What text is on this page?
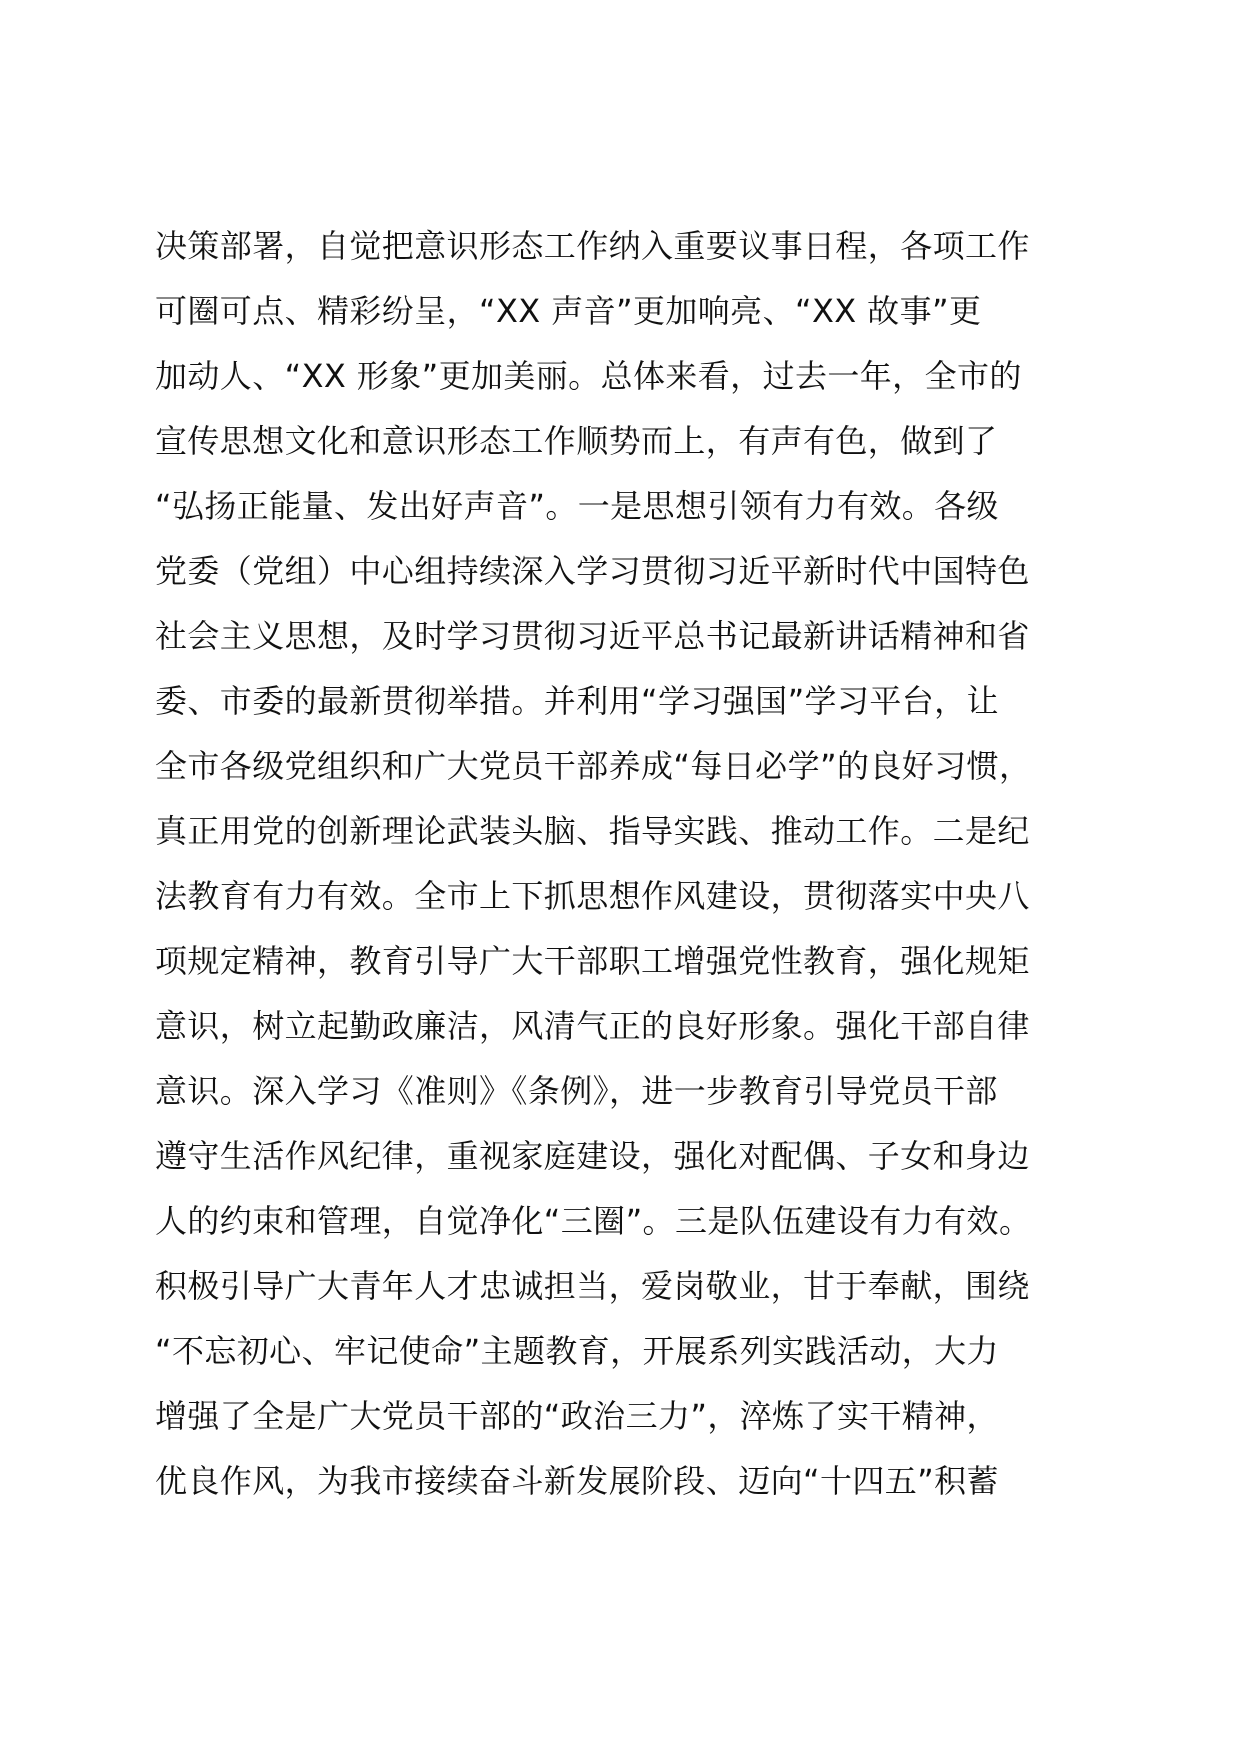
决策部署，自觉把意识形态工作纳入重要议事日程，各项工作
可圈可点、精彩纷呈，“XX 声音”更加响亮、“XX 故事”更
加动人、“XX 形象”更加美丽。总体来看，过去一年，全市的
宣传思想文化和意识形态工作顺势而上，有声有色，做到了
“弘扬正能量、发出好声音”。一是思想引领有力有效。各级
党委（党组）中心组持续深入学习贯彻习近平新时代中国特色
社会主义思想，及时学习贯彻习近平总书记最新讲话精神和省
委、市委的最新贯彻举措。并利用“学习强国”学习平台，让
全市各级党组织和广大党员干部养成“每日必学”的良好习惯，
真正用党的创新理论武装头脑、指导实践、推动工作。二是纪
法教育有力有效。全市上下抓思想作风建设，贯彻落实中央八
项规定精神，教育引导广大干部职工增强党性教育，强化规矩
意识，树立起勤政廉洁，风清气正的良好形象。强化干部自律
意识。深入学习《准则》《条例》，进一步教育引导党员干部
遵守生活作风纪律，重视家庭建设，强化对配偶、子女和身边
人的约束和管理，自觉净化“三圈”。三是队伍建设有力有效。
积极引导广大青年人才忠诚担当，爱岗敬业，甘于奉献，围绕
“不忘初心、牢记使命”主题教育，开展系列实践活动，大力
增强了全是广大党员干部的“政治三力”，淬炼了实干精神，
优良作风，为我市接续奋斗新发展阶段、迈向“十四五”积蓄
